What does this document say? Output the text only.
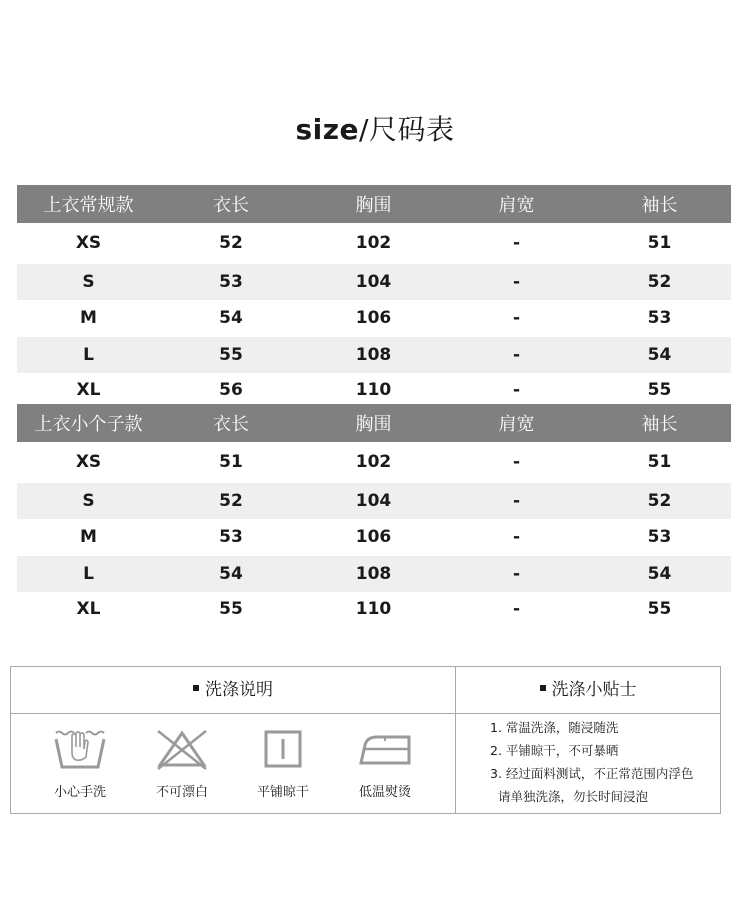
size/尺码表
上衣常规款	衣长	胸围	肩宽	袖长
XS	52	102	-	51
S	53	104	-	52
M	54	106	-	53
L	55	108	-	54
XL	56	110	-	55
上衣小个子款	衣长	胸围	肩宽	袖长
XS	51	102	-	51
S	52	104	-	52
M	53	106	-	53
L	54	108	-	54
XL	55	110	-	55
洗涤说明	洗涤小贴士
小心手洗	不可漂白	平铺晾干	低温熨烫
1. 常温洗涤，随浸随洗
2. 平铺晾干，不可暴晒
3. 经过面料测试，不正常范围内浮色
请单独洗涤，勿长时间浸泡
